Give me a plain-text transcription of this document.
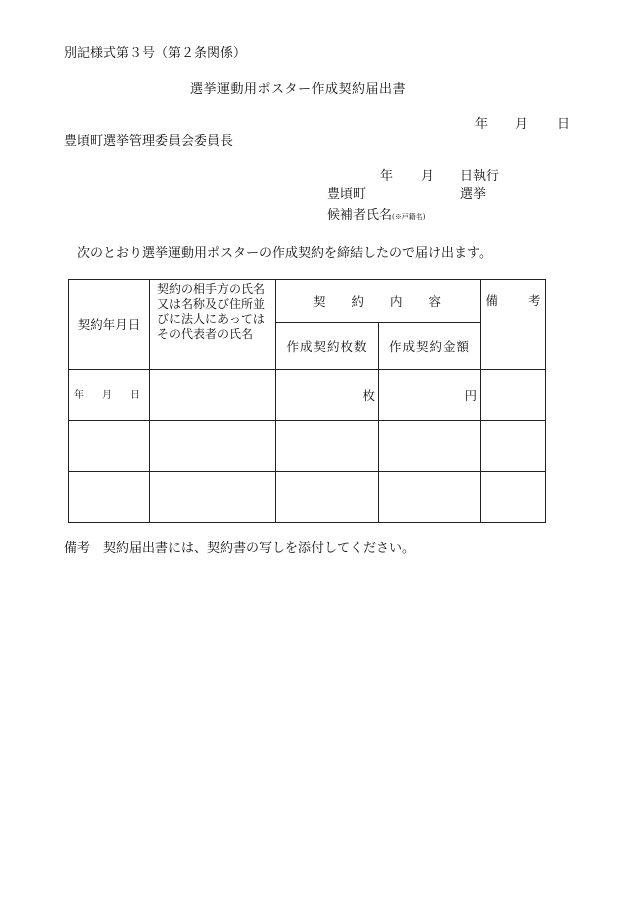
別記様式第３号（第２条関係）
選挙運動用ポスター作成契約届出書
年 月 日
豊頃町選挙管理委員会委員長
年 月 日執行
豊頃町	選挙
候補者氏名(※戸籍名)
次のとおり選挙運動用ポスターの作成契約を締結したので届け出ます。
契約年月日	契約の相手方の氏名又は名称及び住所並びに法人にあってはその代表者の氏名	契 約 内 容		備 考
		作成契約枚数	作成契約金額	
年　月　日		枚	円	

備考　契約届出書には、契約書の写しを添付してください。
